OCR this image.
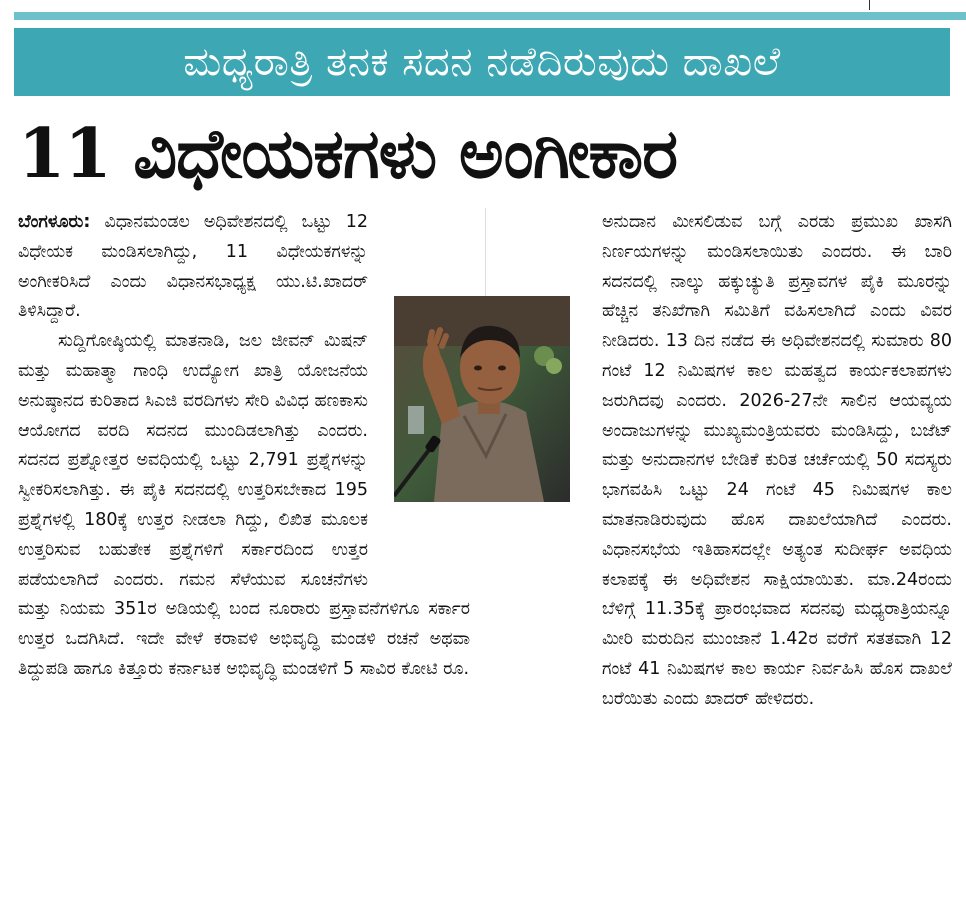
ಮಧ್ಯರಾತ್ರಿ ತನಕ ಸದನ ನಡೆದಿರುವುದು ದಾಖಲೆ
11 ವಿಧೇಯಕಗಳು ಅಂಗೀಕಾರ

ಬೆಂಗಳೂರು: ವಿಧಾನಮಂಡಲ ಅಧಿವೇಶನದಲ್ಲಿ ಒಟ್ಟು 12 ವಿಧೇಯಕ ಮಂಡಿಸಲಾಗಿದ್ದು, 11 ವಿಧೇಯಕಗಳನ್ನು ಅಂಗೀಕರಿಸಿದೆ ಎಂದು ವಿಧಾನಸಭಾಧ್ಯಕ್ಷ ಯು.ಟಿ.ಖಾದರ್ ತಿಳಿಸಿದ್ದಾರೆ.

ಸುದ್ದಿಗೋಷ್ಠಿಯಲ್ಲಿ ಮಾತನಾಡಿ, ಜಲ ಜೀವನ್ ಮಿಷನ್ ಮತ್ತು ಮಹಾತ್ಮಾ ಗಾಂಧಿ ಉದ್ಯೋಗ ಖಾತ್ರಿ ಯೋಜನೆಯ ಅನುಷ್ಠಾನದ ಕುರಿತಾದ ಸಿಎಜಿ ವರದಿಗಳು ಸೇರಿ ವಿವಿಧ ಹಣಕಾಸು ಆಯೋಗದ ವರದಿ ಸದನದ ಮುಂದಿಡಲಾಗಿತ್ತು ಎಂದರು. ಸದನದ ಪ್ರಶ್ನೋತ್ತರ ಅವಧಿಯಲ್ಲಿ ಒಟ್ಟು 2,791 ಪ್ರಶ್ನೆಗಳನ್ನು ಸ್ವೀಕರಿಸಲಾಗಿತ್ತು. ಈ ಪೈಕಿ ಸದನದಲ್ಲಿ ಉತ್ತರಿಸಬೇಕಾದ 195 ಪ್ರಶ್ನೆಗಳಲ್ಲಿ 180ಕ್ಕೆ ಉತ್ತರ ನೀಡಲಾ ಗಿದ್ದು, ಲಿಖಿತ ಮೂಲಕ ಉತ್ತರಿಸುವ ಬಹುತೇಕ ಪ್ರಶ್ನೆಗಳಿಗೆ ಸರ್ಕಾರದಿಂದ ಉತ್ತರ ಪಡೆಯಲಾಗಿದೆ ಎಂದರು. ಗಮನ ಸೆಳೆಯುವ ಸೂಚನೆಗಳು ಮತ್ತು ನಿಯಮ 351ರ ಅಡಿಯಲ್ಲಿ ಬಂದ ನೂರಾರು ಪ್ರಸ್ತಾವನೆಗಳಿಗೂ ಸರ್ಕಾರ ಉತ್ತರ ಒದಗಿಸಿದೆ. ಇದೇ ವೇಳೆ ಕರಾವಳಿ ಅಭಿವೃದ್ಧಿ ಮಂಡಳಿ ರಚನೆ ಅಥವಾ ತಿದ್ದುಪಡಿ ಹಾಗೂ ಕಿತ್ತೂರು ಕರ್ನಾಟಕ ಅಭಿವೃದ್ಧಿ ಮಂಡಳಿಗೆ 5 ಸಾವಿರ ಕೋಟಿ ರೂ.

ಅನುದಾನ ಮೀಸಲಿಡುವ ಬಗ್ಗೆ ಎರಡು ಪ್ರಮುಖ ಖಾಸಗಿ ನಿರ್ಣಯಗಳನ್ನು ಮಂಡಿಸಲಾಯಿತು ಎಂದರು. ಈ ಬಾರಿ ಸದನದಲ್ಲಿ ನಾಲ್ಕು ಹಕ್ಕುಚ್ಯುತಿ ಪ್ರಸ್ತಾವಗಳ ಪೈಕಿ ಮೂರನ್ನು ಹೆಚ್ಚಿನ ತನಿಖೆಗಾಗಿ ಸಮಿತಿಗೆ ವಹಿಸಲಾಗಿದೆ ಎಂದು ವಿವರ ನೀಡಿದರು. 13 ದಿನ ನಡೆದ ಈ ಅಧಿವೇಶನದಲ್ಲಿ ಸುಮಾರು 80 ಗಂಟೆ 12 ನಿಮಿಷಗಳ ಕಾಲ ಮಹತ್ವದ ಕಾರ್ಯಕಲಾಪಗಳು ಜರುಗಿದವು ಎಂದರು. 2026-27ನೇ ಸಾಲಿನ ಆಯವ್ಯಯ ಅಂದಾಜುಗಳನ್ನು ಮುಖ್ಯಮಂತ್ರಿಯವರು ಮಂಡಿಸಿದ್ದು, ಬಜೆಟ್ ಮತ್ತು ಅನುದಾನಗಳ ಬೇಡಿಕೆ ಕುರಿತ ಚರ್ಚೆಯಲ್ಲಿ 50 ಸದಸ್ಯರು ಭಾಗವಹಿಸಿ ಒಟ್ಟು 24 ಗಂಟೆ 45 ನಿಮಿಷಗಳ ಕಾಲ ಮಾತನಾಡಿರುವುದು ಹೊಸ ದಾಖಲೆಯಾಗಿದೆ ಎಂದರು. ವಿಧಾನಸಭೆಯ ಇತಿಹಾಸದಲ್ಲೇ ಅತ್ಯಂತ ಸುದೀರ್ಘ ಅವಧಿಯ ಕಲಾಪಕ್ಕೆ ಈ ಅಧಿವೇಶನ ಸಾಕ್ಷಿಯಾಯಿತು. ಮಾ.24ರಂದು ಬೆಳಿಗ್ಗೆ 11.35ಕ್ಕೆ ಪ್ರಾರಂಭವಾದ ಸದನವು ಮಧ್ಯರಾತ್ರಿಯನ್ನೂ ಮೀರಿ ಮರುದಿನ ಮುಂಜಾನೆ 1.42ರ ವರೆಗೆ ಸತತವಾಗಿ 12 ಗಂಟೆ 41 ನಿಮಿಷಗಳ ಕಾಲ ಕಾರ್ಯ ನಿರ್ವಹಿಸಿ ಹೊಸ ದಾಖಲೆ ಬರೆಯಿತು ಎಂದು ಖಾದರ್ ಹೇಳಿದರು.
